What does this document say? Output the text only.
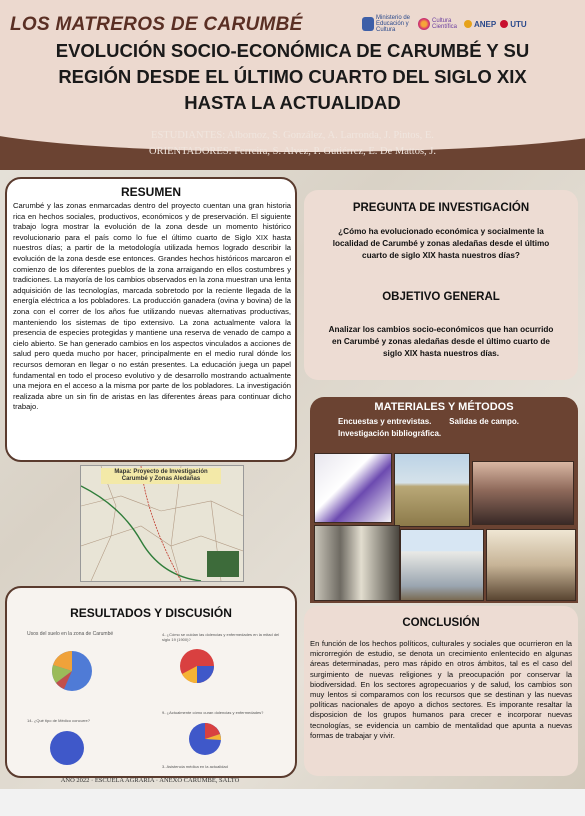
LOS MATREROS DE CARUMBÉ	Ministerio de Educación y Cultura
Cultura Científica	ANEP UTU
EVOLUCIÓN SOCIO-ECONÓMICA DE CARUMBÉ Y SU
REGIÓN DESDE EL ÚLTIMO CUARTO DEL SIGLO XIX
HASTA LA ACTUALIDAD
ESTUDIANTES: Albornoz, S. González, A. Larronda, J. Pintos, E.
ORIENTADORES: Ferreira, S. Alvez, P. Gutiérrez, E. De Mattos, J.
RESUMEN
Carumbé y las zonas enmarcadas dentro del proyecto cuentan una gran historia rica en hechos sociales, productivos, económicos y de preservación. El siguiente trabajo logra mostrar la evolución de la zona desde un momento histórico revolucionario para el país como lo fue el último cuarto de Siglo XIX hasta nuestros días; a partir de la metodología utilizada hemos logrado describir la evolución de la zona desde ese entonces. Grandes hechos históricos marcaron el comienzo de los diferentes pueblos de la zona arraigando en ellos costumbres y tradiciones. La mayoría de los cambios observados en la zona muestran una lenta adquisición de las tecnologías, marcada sobretodo por la reciente llegada de la energía eléctrica a los pobladores. La producción ganadera (ovina y bovina) de la zona con el correr de los años fue utilizando nuevas alternativas productivas, manteniendo los sistemas de tipo extensivo. La zona actualmente valora la presencia de especies protegidas y mantiene una reserva de venado de campo a cielo abierto. Se han generado cambios en los aspectos vinculados a acciones de salud pero queda mucho por hacer, principalmente en el medio rural dónde los recursos demoran en llegar o no están presentes. La educación juega un papel fundamental en todo el proceso evolutivo y de desarrollo mostrando actualmente una mejora en el acceso a la misma por parte de los pobladores. La investigación realizada abre un sin fin de aristas en las diferentes áreas para continuar dicho trabajo.
Mapa: Proyecto de Investigación
Carumbé y Zonas Aledañas
RESULTADOS Y DISCUSIÓN
Usos del suelo en la zona de Carumbé	4- ¿Cómo se cuidan las dolencias y enfermedades en la mitad del siglo 19 (1900)?
14- ¿Qué tipo de Médico concurre?
9- ¿Actualmente cómo curan dolencias y enfermedades?
3- Asistencia médica en la actualidad
PREGUNTA DE INVESTIGACIÓN
¿Cómo ha evolucionado económica y socialmente la localidad de Carumbé y zonas aledañas desde el último cuarto de siglo XIX hasta nuestros días?
OBJETIVO GENERAL
Analizar los cambios socio-económicos que han ocurrido en Carumbé y zonas aledañas desde el último cuarto de siglo XIX hasta nuestros días.
MATERIALES Y MÉTODOS
Encuestas y entrevistas.        Salidas de campo.
Investigación bibliográfica.
CONCLUSIÓN
En función de los hechos políticos, culturales y sociales que ocurrieron en la microrregión de estudio, se denota un crecimiento enlentecido en algunas áreas determinadas, pero mas rápido en otros ámbitos, tal es el caso del surgimiento de nuevas religiones y la preocupación por conservar la biodiversidad. En los sectores agropecuarios y de salud, los cambios son muy lentos si comparamos con los recursos que se destinan y las nuevas políticas nacionales de apoyo a dichos sectores. Es imporante resaltar la disposicion de los grupos humanos para crecer e incorporar nuevas tecnologías, se evidencia un cambio de mentalidad que apunta a nuevas formas de trabajar y vivir.
AÑO 2022 · ESCUELA AGRARIA · ANEXO CARUMBÉ, SALTO
